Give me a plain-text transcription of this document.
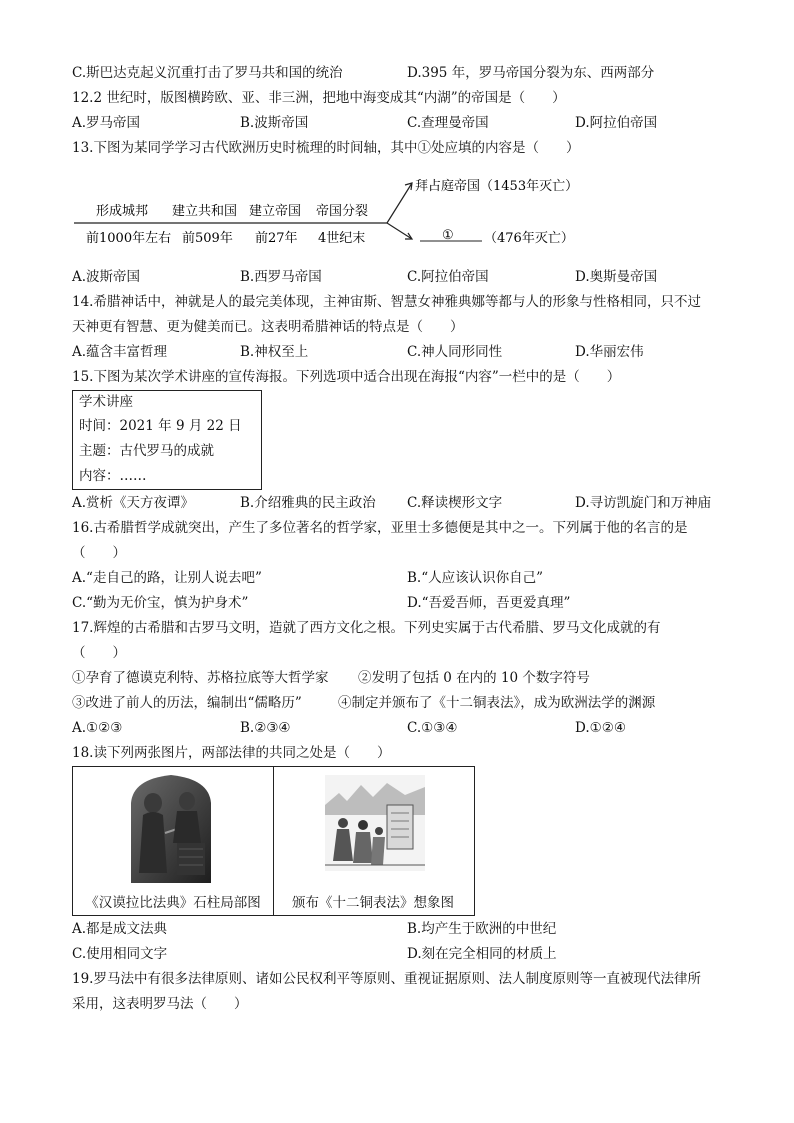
C.斯巴达克起义沉重打击了罗马共和国的统治	D.395 年，罗马帝国分裂为东、西两部分
12.2 世纪时，版图横跨欧、亚、非三洲，把地中海变成其“内湖”的帝国是（　　）
A.罗马帝国	B.波斯帝国	C.查理曼帝国	D.阿拉伯帝国
13.下图为某同学学习古代欧洲历史时梳理的时间轴，其中①处应填的内容是（　　）
形成城邦 建立共和国 建立帝国 帝国分裂
前1000年左右 前509年 前27年 4世纪末
拜占庭帝国（1453年灭亡）
① （476年灭亡）
A.波斯帝国	B.西罗马帝国	C.阿拉伯帝国	D.奥斯曼帝国
14.希腊神话中，神就是人的最完美体现，主神宙斯、智慧女神雅典娜等都与人的形象与性格相同，只不过
天神更有智慧、更为健美而已。这表明希腊神话的特点是（　　）
A.蕴含丰富哲理	B.神权至上	C.神人同形同性	D.华丽宏伟
15.下图为某次学术讲座的宣传海报。下列选项中适合出现在海报“内容”一栏中的是（　　）
学术讲座
时间：2021 年 9 月 22 日
主题：古代罗马的成就
内容：……
A.赏析《天方夜谭》	B.介绍雅典的民主政治 C.释读楔形文字	D.寻访凯旋门和万神庙
16.古希腊哲学成就突出，产生了多位著名的哲学家，亚里士多德便是其中之一。下列属于他的名言的是
（　　）
A.“走自己的路，让别人说去吧”	B.“人应该认识你自己”
C.“勤为无价宝，慎为护身术”	D.“吾爱吾师，吾更爱真理”
17.辉煌的古希腊和古罗马文明，造就了西方文化之根。下列史实属于古代希腊、罗马文化成就的有
（　　）
①孕育了德谟克利特、苏格拉底等大哲学家 ②发明了包括 0 在内的 10 个数字符号
③改进了前人的历法，编制出“儒略历”	④制定并颁布了《十二铜表法》，成为欧洲法学的渊源
A.①②③	B.②③④	C.①③④	D.①②④
18.读下列两张图片，两部法律的共同之处是（　　）
《汉谟拉比法典》石柱局部图	颁布《十二铜表法》想象图
A.都是成文法典	B.均产生于欧洲的中世纪
C.使用相同文字	D.刻在完全相同的材质上
19.罗马法中有很多法律原则、诸如公民权利平等原则、重视证据原则、法人制度原则等一直被现代法律所
采用，这表明罗马法（　　）
